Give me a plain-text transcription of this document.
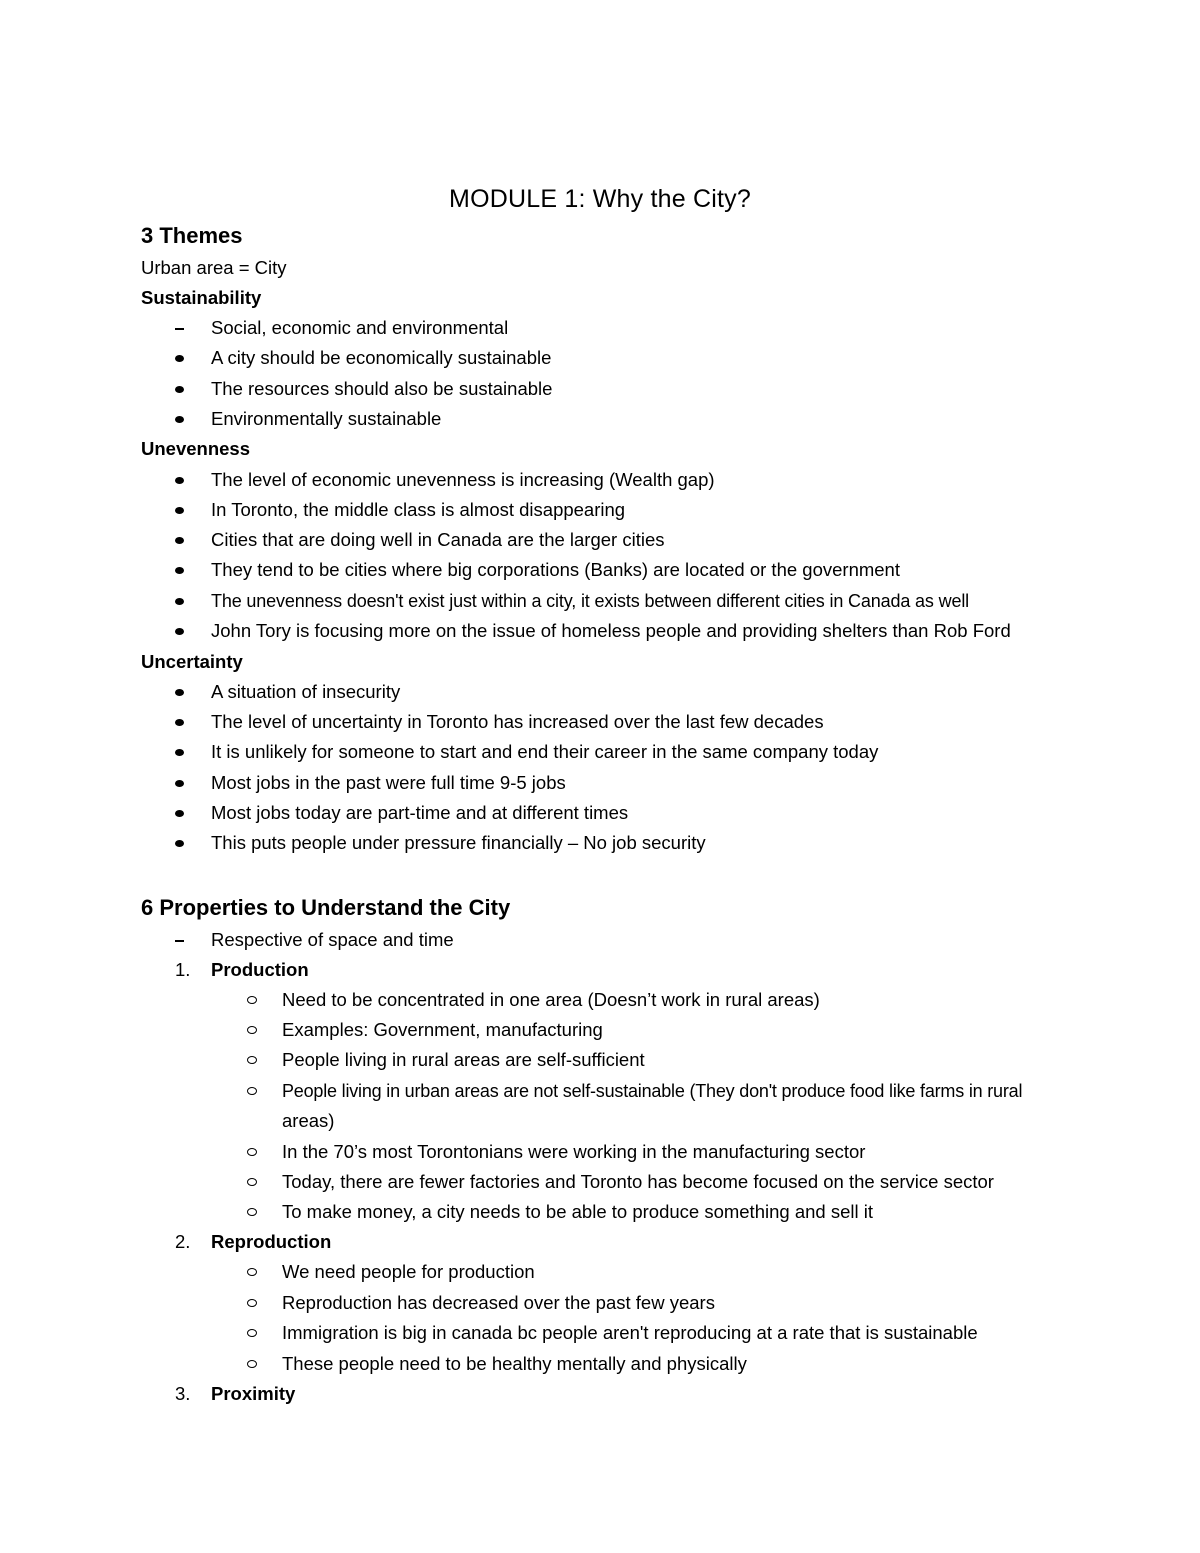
MODULE 1: Why the City?
3 Themes
Urban area = City
Sustainability
Social, economic and environmental
A city should be economically sustainable
The resources should also be sustainable
Environmentally sustainable
Unevenness
The level of economic unevenness is increasing (Wealth gap)
In Toronto, the middle class is almost disappearing
Cities that are doing well in Canada are the larger cities
They tend to be cities where big corporations (Banks) are located or the government
The unevenness doesn't exist just within a city, it exists between different cities in Canada as well
John Tory is focusing more on the issue of homeless people and providing shelters than Rob Ford
Uncertainty
A situation of insecurity
The level of uncertainty in Toronto has increased over the last few decades
It is unlikely for someone to start and end their career in the same company today
Most jobs in the past were full time 9-5 jobs
Most jobs today are part-time and at different times
This puts people under pressure financially – No job security
6 Properties to Understand the City
Respective of space and time
1. Production
Need to be concentrated in one area (Doesn’t work in rural areas)
Examples: Government, manufacturing
People living in rural areas are self-sufficient
People living in urban areas are not self-sustainable (They don't produce food like farms in rural
areas)
In the 70’s most Torontonians were working in the manufacturing sector
Today, there are fewer factories and Toronto has become focused on the service sector
To make money, a city needs to be able to produce something and sell it
2. Reproduction
We need people for production
Reproduction has decreased over the past few years
Immigration is big in canada bc people aren't reproducing at a rate that is sustainable
These people need to be healthy mentally and physically
3. Proximity
